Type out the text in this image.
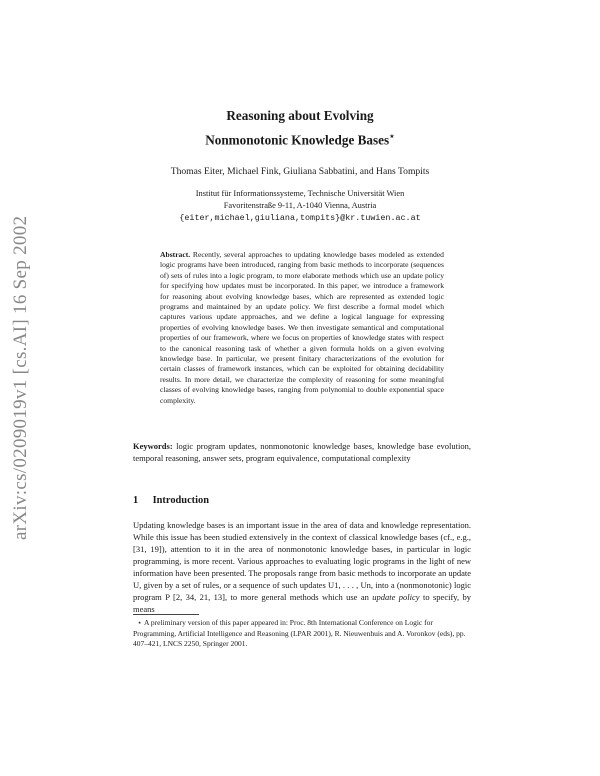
arXiv:cs/0209019v1 [cs.AI] 16 Sep 2002
Reasoning about Evolving
Nonmonotonic Knowledge Bases⋆
Thomas Eiter, Michael Fink, Giuliana Sabbatini, and Hans Tompits
Institut für Informationssysteme, Technische Universität Wien
Favoritenstraße 9-11, A-1040 Vienna, Austria
{eiter,michael,giuliana,tompits}@kr.tuwien.ac.at
Abstract. Recently, several approaches to updating knowledge bases modeled as extended logic programs have been introduced, ranging from basic methods to incorporate (sequences of) sets of rules into a logic program, to more elaborate methods which use an update policy for specifying how updates must be incorporated. In this paper, we introduce a framework for reasoning about evolving knowledge bases, which are represented as extended logic programs and maintained by an update policy. We first describe a formal model which captures various update approaches, and we define a logical language for expressing properties of evolving knowledge bases. We then investigate semantical and computational properties of our framework, where we focus on properties of knowledge states with respect to the canonical reasoning task of whether a given formula holds on a given evolving knowledge base. In particular, we present finitary characterizations of the evolution for certain classes of framework instances, which can be exploited for obtaining decidability results. In more detail, we characterize the complexity of reasoning for some meaningful classes of evolving knowledge bases, ranging from polynomial to double exponential space complexity.
Keywords: logic program updates, nonmonotonic knowledge bases, knowledge base evolution, temporal reasoning, answer sets, program equivalence, computational complexity
1 Introduction
Updating knowledge bases is an important issue in the area of data and knowledge representation. While this issue has been studied extensively in the context of classical knowledge bases (cf., e.g., [31, 19]), attention to it in the area of nonmonotonic knowledge bases, in particular in logic programming, is more recent. Various approaches to evaluating logic programs in the light of new information have been presented. The proposals range from basic methods to incorporate an update U, given by a set of rules, or a sequence of such updates U1, . . . , Un, into a (nonmonotonic) logic program P [2, 34, 21, 13], to more general methods which use an update policy to specify, by means
⋆ A preliminary version of this paper appeared in: Proc. 8th International Conference on Logic for Programming, Artificial Intelligence and Reasoning (LPAR 2001), R. Nieuwenhuis and A. Voronkov (eds), pp. 407–421, LNCS 2250, Springer 2001.
